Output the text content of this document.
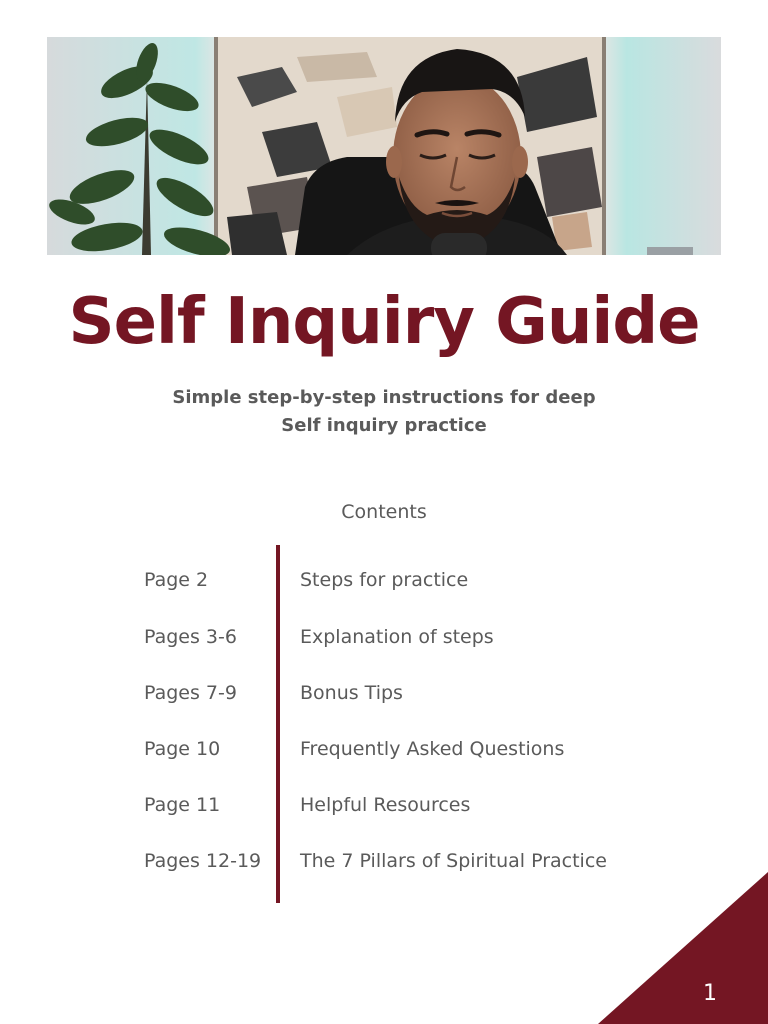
Self Inquiry Guide
Simple step-by-step instructions for deep
Self inquiry practice
Contents
Page 2	Steps for practice
Pages 3-6	Explanation of steps
Pages 7-9	Bonus Tips
Page 10	Frequently Asked Questions
Page 11	Helpful Resources
Pages 12-19 The 7 Pillars of Spiritual Practice
1
